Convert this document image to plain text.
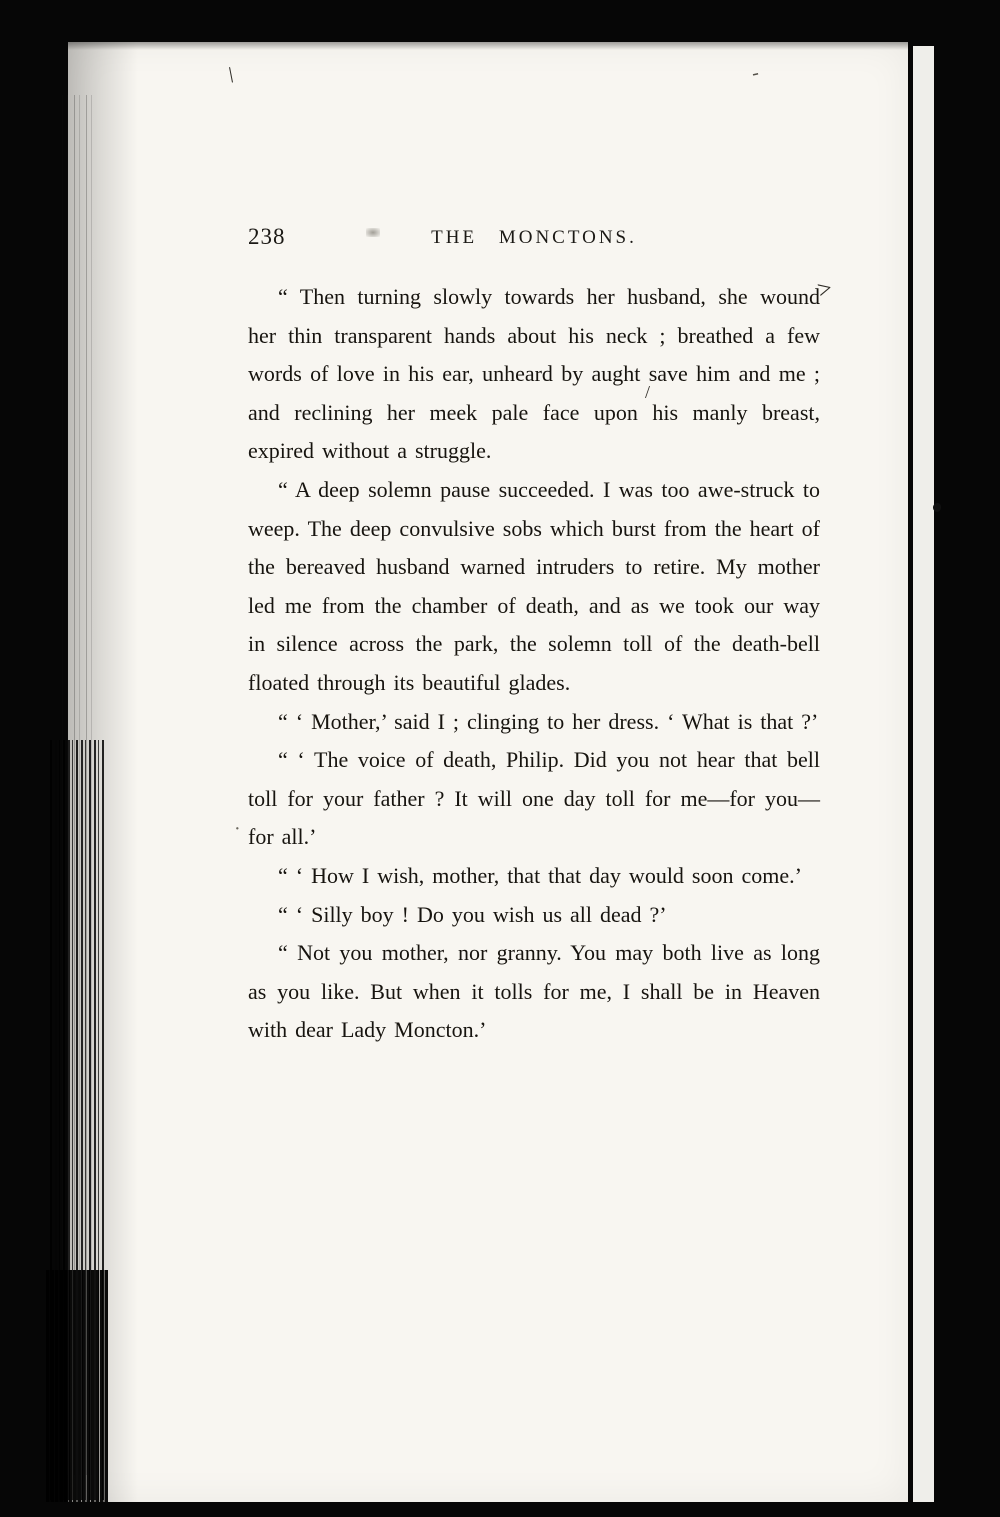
238	THE MONCTONS.

“ Then turning slowly towards her husband, she wound her thin transparent hands about his neck ; breathed a few words of love in his ear, unheard by aught save him and me ; and reclining her meek pale face upon his manly breast, expired without a struggle.

“ A deep solemn pause succeeded. I was too awe-struck to weep. The deep convulsive sobs which burst from the heart of the bereaved husband warned intruders to retire. My mother led me from the chamber of death, and as we took our way in silence across the park, the solemn toll of the death-bell floated through its beautiful glades.

“ ‘ Mother,’ said I ; clinging to her dress. ‘ What is that ?’

“ ‘ The voice of death, Philip. Did you not hear that bell toll for your father ? It will one day toll for me—for you—for all.’

“ ‘ How I wish, mother, that that day would soon come.’

“ ‘ Silly boy ! Do you wish us all dead ?’

“ Not you mother, nor granny. You may both live as long as you like. But when it tolls for me, I shall be in Heaven with dear Lady Moncton.’

\	-
>
/
·
